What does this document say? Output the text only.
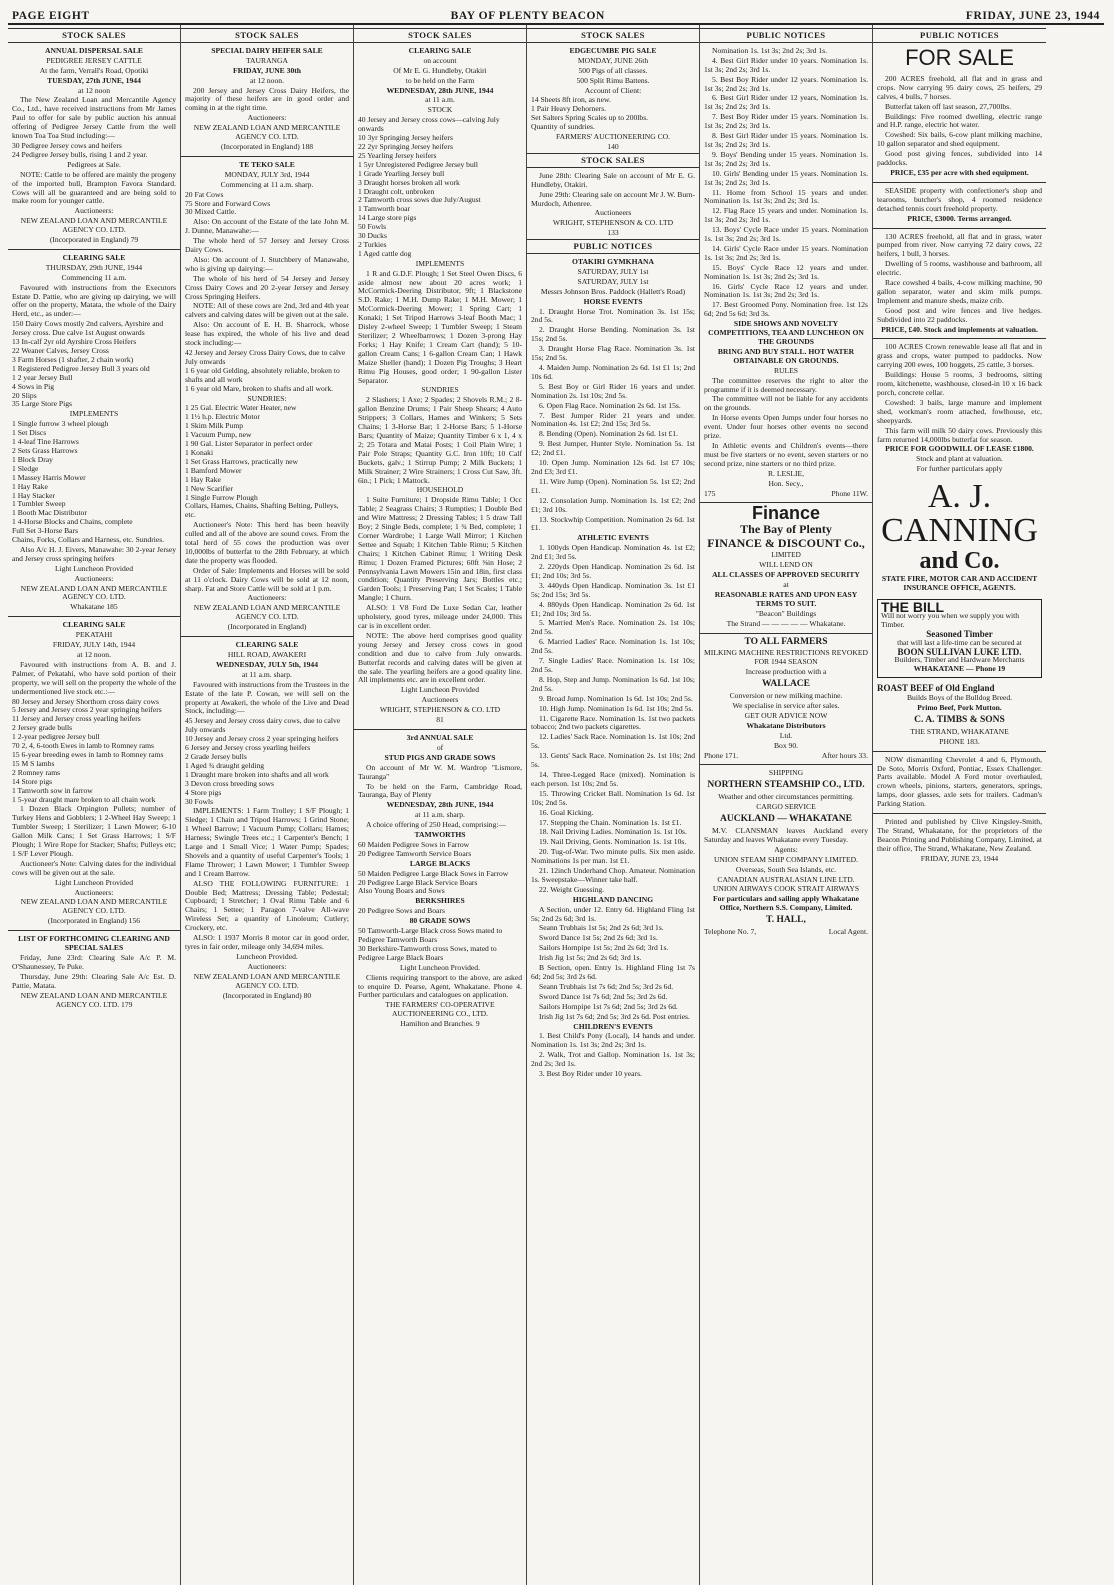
PAGE EIGHT	BAY OF PLENTY BEACON	FRIDAY, JUNE 23, 1944
STOCK SALES
ANNUAL DISPERSAL SALE
PEDIGREE JERSEY CATTLE
At the farm, Verrall's Road, Opotiki
TUESDAY, 27th JUNE, 1944
at 12 noon
The New Zealand Loan and Mercantile Agency Co., Ltd., have received instructions from Mr James Paul to offer for sale by public auction his annual offering of Pedigree Jersey Cattle from the well known Toa Toa Stud including:—
30 Pedigree Jersey cows and heifers
24 Pedigree Jersey bulls, rising 1 and 2 year.
Pedigrees at Sale.
NOTE: Cattle to be offered are mainly the progeny of the imported bull, Brampton Favora Standard. Cows will all be guaranteed and are being sold to make room for younger cattle.
Auctioneers:
NEW ZEALAND LOAN AND MERCANTILE AGENCY CO. LTD.
(Incorporated in England) 79
CLEARING SALE
THURSDAY, 29th JUNE, 1944
Commencing 11 a.m.
Favoured with instructions from the Executors Estate D. Pattie, who are giving up dairying, we will offer on the property, Matata, the whole of the Dairy Herd, etc., as under:—
150 Dairy Cows mostly 2nd calvers, Ayrshire and Jersey cross. Due calve 1st August onwards
13 In-calf 2yr old Ayrshire Cross Heifers
22 Weaner Calves, Jersey Cross
3 Farm Horses (1 shafter, 2 chain work)
1 Registered Pedigree Jersey Bull 3 years old
1 2 year Jersey Bull
4 Sows in Pig
20 Slips
35 Large Store Pigs
IMPLEMENTS
1 Single furrow 3 wheel plough
1 Set Discs
1 4-leaf Tine Harrows
2 Sets Grass Harrows
1 Block Dray
1 Sledge
1 Massey Harris Mower
1 Hay Rake
1 Hay Stacker
1 Tumbler Sweep
1 Booth Mac Distributor
1 4-Horse Blocks and Chains, complete
Full Set 3-Horse Bars
Chains, Forks, Collars and Harness, etc. Sundries.
Also A/c H. J. Eivers, Manawahe: 30 2-year Jersey and Jersey cross springing heifers
Light Luncheon Provided
Auctioneers:
NEW ZEALAND LOAN AND MERCANTILE AGENCY CO. LTD.
Whakatane 185
CLEARING SALE
PEKATAHI
FRIDAY, JULY 14th, 1944
at 12 noon.
Favoured with instructions from A. B. and J. Palmer, of Pekatahi, who have sold portion of their property, we will sell on the property the whole of the undermentioned live stock etc.:—
80 Jersey and Jersey Shorthorn cross dairy cows
5 Jersey and Jersey cross 2 year springing heifers
11 Jersey and Jersey cross yearling heifers
2 Jersey grade bulls
1 2-year pedigree Jersey bull
70 2, 4, 6-tooth Ewes in lamb to Romney rams
15 6-year breeding ewes in lamb to Romney rams
15 M S lambs
2 Romney rams
14 Store pigs
1 Tamworth sow in farrow
1 5-year draught mare broken to all chain work
1 Dozen Black Orpington Pullets; number of Turkey Hens and Gobblers; 1 2-Wheel Hay Sweep; 1 Tumbler Sweep; 1 Sterilizer; 1 Lawn Mower; 6-10 Gallon Milk Cans; 1 Set Grass Harrows; 1 S/F Plough; 1 Wire Rope for Stacker; Shafts; Pulleys etc; 1 S/F Lever Plough.
Auctioneer's Note: Calving dates for the individual cows will be given out at the sale.
Light Luncheon Provided
Auctioneers:
NEW ZEALAND LOAN AND MERCANTILE AGENCY CO. LTD.
(Incorporated in England) 156
LIST OF FORTHCOMING CLEARING AND SPECIAL SALES
Friday, June 23rd: Clearing Sale A/c P. M. O'Shaunessey, Te Puke.
Thursday, June 29th: Clearing Sale A/c Est. D. Pattie, Matata.
NEW ZEALAND LOAN AND MERCANTILE AGENCY CO. LTD. 179
STOCK SALES
SPECIAL DAIRY HEIFER SALE
TAURANGA
FRIDAY, JUNE 30th
at 12 noon.
200 Jersey and Jersey Cross Dairy Heifers, the majority of these heifers are in good order and coming in at the right time.
Auctioneers:
NEW ZEALAND LOAN AND MERCANTILE AGENCY CO. LTD.
(Incorporated in England) 188
TE TEKO SALE
MONDAY, JULY 3rd, 1944
Commencing at 11 a.m. sharp.
20 Fat Cows
75 Store and Forward Cows
30 Mixed Cattle.
Also: On account of the Estate of the late John M. J. Dunne, Manawahe:—
The whole herd of 57 Jersey and Jersey Cross Dairy Cows.
Also: On account of J. Stutchbery of Manawahe, who is giving up dairying:—
The whole of his herd of 54 Jersey and Jersey Cross Dairy Cows and 20 2-year Jersey and Jersey Cross Springing Heifers.
NOTE: All of these cows are 2nd, 3rd and 4th year calvers and calving dates will be given out at the sale.
Also: On account of E. H. B. Sharrock, whose lease has expired, the whole of his live and dead stock including:—
42 Jersey and Jersey Cross Dairy Cows, due to calve July onwards
1 6 year old Gelding, absolutely reliable, broken to shafts and all work
1 6 year old Mare, broken to shafts and all work.
SUNDRIES:
1 25 Gal. Electric Water Heater, new
1 1½ h.p. Electric Motor
1 Skim Milk Pump
1 Vacuum Pump, new
1 90 Gal. Lister Separator in perfect order
1 Konaki
1 Set Grass Harrows, practically new
1 Bamford Mower
1 Hay Rake
1 New Scarifier
1 Single Furrow Plough
Collars, Hames, Chains, Shafting Belting, Pulleys, etc.
Auctioneer's Note: This herd has been heavily culled and all of the above are sound cows. From the total herd of 55 cows the production was over 10,000lbs of butterfat to the 28th February, at which date the property was flooded.
Order of Sale: Implements and Horses will be sold at 11 o'clock. Dairy Cows will be sold at 12 noon, sharp. Fat and Store Cattle will be sold at 1 p.m.
Auctioneers:
NEW ZEALAND LOAN AND MERCANTILE AGENCY CO. LTD.
(Incorporated in England)
CLEARING SALE
HILL ROAD, AWAKERI
WEDNESDAY, JULY 5th, 1944
at 11 a.m. sharp.
Favoured with instructions from the Trustees in the Estate of the late P. Cowan, we will sell on the property at Awakeri, the whole of the Live and Dead Stock, including:—
45 Jersey and Jersey cross dairy cows, due to calve July onwards
10 Jersey and Jersey cross 2 year springing heifers
6 Jersey and Jersey cross yearling heifers
2 Grade Jersey bulls
1 Aged ¾ draught gelding
1 Draught mare broken into shafts and all work
3 Devon cross breeding sows
4 Store pigs
30 Fowls
IMPLEMENTS: 1 Farm Trolley; 1 S/F Plough; 1 Sledge; 1 Chain and Tripod Harrows; 1 Grind Stone; 1 Wheel Barrow; 1 Vacuum Pump; Collars; Hames; Harness; Swingle Trees etc.; 1 Carpenter's Bench; 1 Large and 1 Small Vice; 1 Water Pump; Spades; Shovels and a quantity of useful Carpenter's Tools; 1 Flame Thrower; 1 Lawn Mower; 1 Tumbler Sweep and 1 Cream Barrow.
ALSO THE FOLLOWING FURNITURE: 1 Double Bed; Mattress; Dressing Table; Pedestal; Cupboard; 1 Stretcher; 1 Oval Rimu Table and 6 Chairs; 1 Settee; 1 Paragon 7-valve All-wave Wireless Set; a quantity of Linoleum; Cutlery; Crockery, etc.
ALSO: 1 1937 Morris 8 motor car in good order, tyres in fair order, mileage only 34,694 miles.
Luncheon Provided.
Auctioneers:
NEW ZEALAND LOAN AND MERCANTILE AGENCY CO. LTD.
(Incorporated in England) 80
STOCK SALES
CLEARING SALE
on account
Of Mr E. G. Hundleby, Otakiri
to be held on the Farm
WEDNESDAY, 28th JUNE, 1944
at 11 a.m.
STOCK
40 Jersey and Jersey cross cows—calving July onwards
10 3yr Springing Jersey heifers
22 2yr Springing Jersey heifers
25 Yearling Jersey heifers
1 5yr Unregistered Pedigree Jersey bull
1 Grade Yearling Jersey bull
3 Draught horses broken all work
1 Draught colt, unbroken
2 Tamworth cross sows due July/August
1 Tamworth boar
14 Large store pigs
50 Fowls
30 Ducks
2 Turkies
1 Aged cattle dog
IMPLEMENTS
1 R and G.D.F. Plough; 1 Set Steel Owen Discs, 6 aside almost new about 20 acres work; 1 McCormick-Deering Distributor, 9ft; 1 Blackstone S.D. Rake; 1 M.H. Dump Rake; 1 M.H. Mower; 1 McCormick-Deering Mower; 1 Spring Cart; 1 Konaki; 1 Set Tripod Harrows 3-leaf Booth Mac; 1 Disley 2-wheel Sweep; 1 Tumbler Sweep; 1 Steam Sterilizer; 2 Wheelbarrows; 1 Dozen 3-prong Hay Forks; 1 Hay Knife; 1 Cream Cart (hand); 5 10-gallon Cream Cans; 1 6-gallon Cream Can; 1 Hawk Maize Sheller (hand); 1 Dozen Pig Troughs; 3 Heart Rimu Pig Houses, good order; 1 90-gallon Lister Separator.
SUNDRIES
2 Slashers; 1 Axe; 2 Spades; 2 Shovels R.M.; 2 8-gallon Benzine Drums; 1 Pair Sheep Shears; 4 Auto Strippers; 3 Collars, Hames and Winkers; 5 Sets Chains; 1 3-Horse Bar; 1 2-Horse Bars; 5 1-Horse Bars; Quantity of Maize; Quantity Timber 6 x 1, 4 x 2; 25 Totara and Matai Posts; 1 Coil Plain Wire; 1 Pair Pole Straps; Quantity G.C. Iron 10ft; 10 Calf Buckets, galv.; 1 Stirrup Pump; 2 Milk Buckets; 1 Milk Strainer; 2 Wire Strainers; 1 Cross Cut Saw, 3ft. 6in.; 1 Pick; 1 Mattock.
HOUSEHOLD
1 Suite Furniture; 1 Dropside Rimu Table; 1 Occ Table; 2 Seagrass Chairs; 3 Rumpties; 1 Double Bed and Wire Mattress; 2 Dressing Tables; 1 5 draw Tall Boy; 2 Single Beds, complete; 1 ¾ Bed, complete; 1 Corner Wardrobe; 1 Large Wall Mirror; 1 Kitchen Settee and Squab; 1 Kitchen Table Rimu; 5 Kitchen Chairs; 1 Kitchen Cabinet Rimu; 1 Writing Desk Rimu; 1 Dozen Framed Pictures; 60ft ⅜in Hose; 2 Pennsylvania Lawn Mowers 15in and 18in, first class condition; Quantity Preserving Jars; Bottles etc.; Garden Tools; 1 Preserving Pan; 1 Set Scales; 1 Table Mangle; 1 Churn.
ALSO: 1 V8 Ford De Luxe Sedan Car, leather upholstery, good tyres, mileage under 24,000. This car is in excellent order.
NOTE: The above herd comprises good quality young Jersey and Jersey cross cows in good condition and due to calve from July onwards. Butterfat records and calving dates will be given at the sale. The yearling heifers are a good quality line. All implements etc. are in excellent order.
Light Luncheon Provided
Auctioneers
WRIGHT, STEPHENSON & CO. LTD
81
3rd ANNUAL SALE
of
STUD PIGS AND GRADE SOWS
On account of Mr W. M. Wardrop "Lismore, Tauranga"
To be held on the Farm, Cambridge Road, Tauranga, Bay of Plenty
WEDNESDAY, 28th JUNE, 1944
at 11 a.m. sharp.
A choice offering of 250 Head, comprising:—
TAMWORTHS
60 Maiden Pedigree Sows in Farrow
20 Pedigree Tamworth Service Boars
LARGE BLACKS
50 Maiden Pedigree Large Black Sows in Farrow
20 Pedigree Large Black Service Boars
Also Young Boars and Sows
BERKSHIRES
20 Pedigree Sows and Boars
80 GRADE SOWS
50 Tamworth-Large Black cross Sows mated to Pedigree Tamworth Boars
30 Berkshire-Tamworth cross Sows, mated to Pedigree Large Black Boars
Light Luncheon Provided.
Clients requiring transport to the above, are asked to enquire D. Pearse, Agent, Whakatane. Phone 4. Further particulars and catalogues on application.
THE FARMERS' CO-OPERATIVE AUCTIONEERING CO., LTD.
Hamilton and Branches. 9
STOCK SALES
EDGECUMBE PIG SALE
MONDAY, JUNE 26th
500 Pigs of all classes.
500 Split Rimu Battens.
Account of Client:
14 Sheets 8ft iron, as new.
1 Pair Heavy Dehorners.
Set Salters Spring Scales up to 200lbs.
Quantity of sundries.
FARMERS' AUCTIONEERING CO.
140
STOCK SALES
June 28th: Clearing Sale on account of Mr E. G. Hundleby, Otakiri.
June 29th: Clearing sale on account Mr J. W. Burn-Murdoch, Athenree.
Auctioneers
WRIGHT, STEPHENSON & CO. LTD
133
PUBLIC NOTICES
OTAKIRI GYMKHANA
SATURDAY, JULY 1st
SATURDAY, JULY 1st
Messrs Johnson Bros. Paddock (Hallett's Road)
HORSE EVENTS
1. Draught Horse Trot. Nomination 3s. 1st 15s; 2nd 5s.
2. Draught Horse Bending. Nomination 3s. 1st 15s; 2nd 5s.
3. Draught Horse Flag Race. Nomination 3s. 1st 15s; 2nd 5s.
4. Maiden Jump. Nomination 2s 6d. 1st £1 1s; 2nd 10s 6d.
5. Best Boy or Girl Rider 16 years and under. Nomination 2s. 1st 10s; 2nd 5s.
6. Open Flag Race. Nomination 2s 6d. 1st 15s.
7. Best Jumper Rider 21 years and under. Nomination 4s. 1st £2; 2nd 15s; 3rd 5s.
8. Bending (Open). Nomination 2s 6d. 1st £1.
9. Best Jumper, Hunter Style. Nomination 5s. 1st £2; 2nd £1.
10. Open Jump. Nomination 12s 6d. 1st £7 10s; 2nd £3; 3rd £1.
11. Wire Jump (Open). Nomination 5s. 1st £2; 2nd £1.
12. Consolation Jump. Nomination 1s. 1st £2; 2nd £1; 3rd 10s.
13. Stockwhip Competition. Nomination 2s 6d. 1st £1.
ATHLETIC EVENTS
1. 100yds Open Handicap. Nomination 4s. 1st £2; 2nd £1; 3rd 5s.
2. 220yds Open Handicap. Nomination 2s 6d. 1st £1; 2nd 10s; 3rd 5s.
3. 440yds Open Handicap. Nomination 3s. 1st £1 5s; 2nd 15s; 3rd 5s.
4. 880yds Open Handicap. Nomination 2s 6d. 1st £1; 2nd 10s; 3rd 5s.
5. Married Men's Race. Nomination 2s. 1st 10s; 2nd 5s.
6. Married Ladies' Race. Nomination 1s. 1st 10s; 2nd 5s.
7. Single Ladies' Race. Nomination 1s. 1st 10s; 2nd 5s.
8. Hop, Step and Jump. Nomination 1s 6d. 1st 10s; 2nd 5s.
9. Broad Jump. Nomination 1s 6d. 1st 10s; 2nd 5s.
10. High Jump. Nomination 1s 6d. 1st 10s; 2nd 5s.
11. Cigarette Race. Nomination 1s. 1st two packets tobacco; 2nd two packets cigarettes.
12. Ladies' Sack Race. Nomination 1s. 1st 10s; 2nd 5s.
13. Gents' Sack Race. Nomination 2s. 1st 10s; 2nd 5s.
14. Three-Legged Race (mixed). Nomination is each person. 1st 10s; 2nd 5s.
15. Throwing Cricket Ball. Nomination 1s 6d. 1st 10s; 2nd 5s.
16. Goal Kicking.
17. Stepping the Chain. Nomination 1s. 1st £1.
18. Nail Driving Ladies. Nomination 1s. 1st 10s.
19. Nail Driving, Gents. Nomination 1s. 1st 10s.
20. Tug-of-War. Two minute pulls. Six men aside. Nominations 1s per man. 1st £1.
21. 12inch Underhand Chop. Amateur. Nomination 1s. Sweepstake—Winner take half.
22. Weight Guessing.
HIGHLAND DANCING
A Section, under 12. Entry 6d. Highland Fling 1st 5s; 2nd 2s 6d; 3rd 1s.
Seann Trubhais 1st 5s; 2nd 2s 6d; 3rd 1s.
Sword Dance 1st 5s; 2nd 2s 6d; 3rd 1s.
Sailors Hornpipe 1st 5s; 2nd 2s 6d; 3rd 1s.
Irish Jig 1st 5s; 2nd 2s 6d; 3rd 1s.
B Section, open. Entry 1s. Highland Fling 1st 7s 6d; 2nd 5s; 3rd 2s 6d.
Seann Trubhais 1st 7s 6d; 2nd 5s; 3rd 2s 6d.
Sword Dance 1st 7s 6d; 2nd 5s; 3rd 2s 6d.
Sailors Hornpipe 1st 7s 6d; 2nd 5s; 3rd 2s 6d.
Irish Jig 1st 7s 6d; 2nd 5s; 3rd 2s 6d. Post entries.
CHILDREN'S EVENTS
1. Best Child's Pony (Local), 14 hands and under. Nomination 1s. 1st 3s; 2nd 2s; 3rd 1s.
2. Walk, Trot and Gallop. Nomination 1s. 1st 3s; 2nd 2s; 3rd 1s.
3. Best Boy Rider under 10 years.
PUBLIC NOTICES
Nomination 1s. 1st 3s; 2nd 2s; 3rd 1s.
4. Best Girl Rider under 10 years. Nomination 1s. 1st 3s; 2nd 2s; 3rd 1s.
5. Best Boy Rider under 12 years. Nomination 1s. 1st 3s; 2nd 2s; 3rd 1s.
6. Best Girl Rider under 12 years, Nomination 1s. 1st 3s; 2nd 2s; 3rd 1s.
7. Best Boy Rider under 15 years. Nomination 1s. 1st 3s; 2nd 2s; 3rd 1s.
8. Best Girl Rider under 15 years. Nomination 1s. 1st 3s; 2nd 2s; 3rd 1s.
9. Boys' Bending under 15 years. Nomination 1s. 1st 3s; 2nd 2s; 3rd 1s.
10. Girls' Bending under 15 years. Nomination 1s. 1st 3s; 2nd 2s; 3rd 1s.
11. Home from School 15 years and under. Nomination 1s. 1st 3s; 2nd 2s; 3rd 1s.
12. Flag Race 15 years and under. Nomination 1s. 1st 3s; 2nd 2s; 3rd 1s.
13. Boys' Cycle Race under 15 years. Nomination 1s. 1st 3s; 2nd 2s; 3rd 1s.
14. Girls' Cycle Race under 15 years. Nomination 1s. 1st 3s; 2nd 2s; 3rd 1s.
15. Boys' Cycle Race 12 years and under. Nomination 1s. 1st 3s; 2nd 2s; 3rd 1s.
16. Girls' Cycle Race 12 years and under. Nomination 1s. 1st 3s; 2nd 2s; 3rd 1s.
17. Best Groomed Pony. Nomination free. 1st 12s 6d; 2nd 5s 6d; 3rd 3s.
SIDE SHOWS AND NOVELTY COMPETITIONS, TEA AND LUNCHEON ON THE GROUNDS
BRING AND BUY STALL. HOT WATER OBTAINABLE ON GROUNDS.
RULES
The committee reserves the right to alter the programme if it is deemed necessary.
The committee will not be liable for any accidents on the grounds.
In Horse events Open Jumps under four horses no event. Under four horses other events no second prize.
In Athletic events and Children's events—there must be five starters or no event, seven starters or no second prize, nine starters or no third prize.
R. LESLIE,
Hon. Secy.,
175	Phone 11W.
Finance
The Bay of Plenty
FINANCE & DISCOUNT Co.,
LIMITED
WILL LEND ON
ALL CLASSES OF APPROVED SECURITY
at
REASONABLE RATES AND UPON EASY TERMS TO SUIT.
"Beacon" Buildings
The Strand — — — — — Whakatane.
TO ALL FARMERS
MILKING MACHINE RESTRICTIONS REVOKED FOR 1944 SEASON
Increase production with a
WALLACE
Conversion or new milking machine.
We specialise in service after sales.
GET OUR ADVICE NOW
Whakatane Distributors
Ltd.
Box 90.
Phone 171.	After hours 33.
SHIPPING
NORTHERN STEAMSHIP CO., LTD.
Weather and other circumstances permitting.
CARGO SERVICE
AUCKLAND — WHAKATANE
M.V. CLANSMAN leaves Auckland every Saturday and leaves Whakatane every Tuesday.
Agents:
UNION STEAM SHIP COMPANY LIMITED.
Overseas, South Sea Islands, etc.
CANADIAN AUSTRALASIAN LINE LTD.
UNION AIRWAYS COOK STRAIT AIRWAYS
For particulars and sailing apply Whakatane Office, Northern S.S. Company, Limited.
T. HALL,
Telephone No. 7,	Local Agent.
PUBLIC NOTICES
FOR SALE
200 ACRES freehold, all flat and in grass and crops. Now carrying 95 dairy cows, 25 heifers, 29 calves, 4 bulls, 7 horses.
Butterfat taken off last season, 27,700lbs.
Buildings: Five roomed dwelling, electric range and H.P. range, electric hot water.
Cowshed: Six bails, 6-cow plant milking machine, 10 gallon separator and shed equipment.
Good post giving fences, subdivided into 14 paddocks.
PRICE, £35 per acre with shed equipment.
SEASIDE property with confectioner's shop and tearooms, butcher's shop, 4 roomed residence detached tennis court freehold property.
PRICE, £3000. Terms arranged.
130 ACRES freehold, all flat and in grass, water pumped from river. Now carrying 72 dairy cows, 22 heifers, 1 bull, 3 horses.
Dwelling of 5 rooms, washhouse and bathroom, all electric.
Race cowshed 4 bails, 4-cow milking machine, 90 gallon separator, water and skim milk pumps. Implement and manure sheds, maize crib.
Good post and wire fences and live hedges. Subdivided into 22 paddocks.
PRICE, £40. Stock and implements at valuation.
100 ACRES Crown renewable lease all flat and in grass and crops, water pumped to paddocks. Now carrying 200 ewes, 100 hoggets, 25 cattle, 3 horses.
Buildings: House 5 rooms, 3 bedrooms, sitting room, kitchenette, washhouse, closed-in 10 x 16 back porch, concrete cellar.
Cowshed: 3 bails, large manure and implement shed, workman's room attached, fowlhouse, etc, sheepyards.
This farm will milk 50 dairy cows. Previously this farm returned 14,000lbs butterfat for season.
PRICE FOR GOODWILL OF LEASE £1800.
Stock and plant at valuation.
For further particulars apply
A. J. CANNING
and Co.
STATE FIRE, MOTOR CAR AND ACCIDENT INSURANCE OFFICE, AGENTS.
THE BILL
Will not worry you when we supply you with Timber.
Seasoned Timber
that will last a life-time can be secured at
BOON SULLIVAN LUKE LTD.
Builders, Timber and Hardware Merchants
WHAKATANE — Phone 19
ROAST BEEF of Old England
Builds Boys of the Bulldog Breed.
Primo Beef, Pork Mutton.
C. A. TIMBS & SONS
THE STRAND, WHAKATANE
PHONE 183.
NOW dismantling Chevrolet 4 and 6, Plymouth, De Soto, Morris Oxford, Pontiac, Essex Challenger. Parts available. Model A Ford motor overhauled, crown wheels, pinions, starters, generators, springs, lamps, door glasses, axle sets for trailers. Cadman's Parking Station.
Printed and published by Clive Kingsley-Smith, The Strand, Whakatane, for the proprietors of the Beacon Printing and Publishing Company, Limited, at their office, The Strand, Whakatane, New Zealand.
FRIDAY, JUNE 23, 1944
